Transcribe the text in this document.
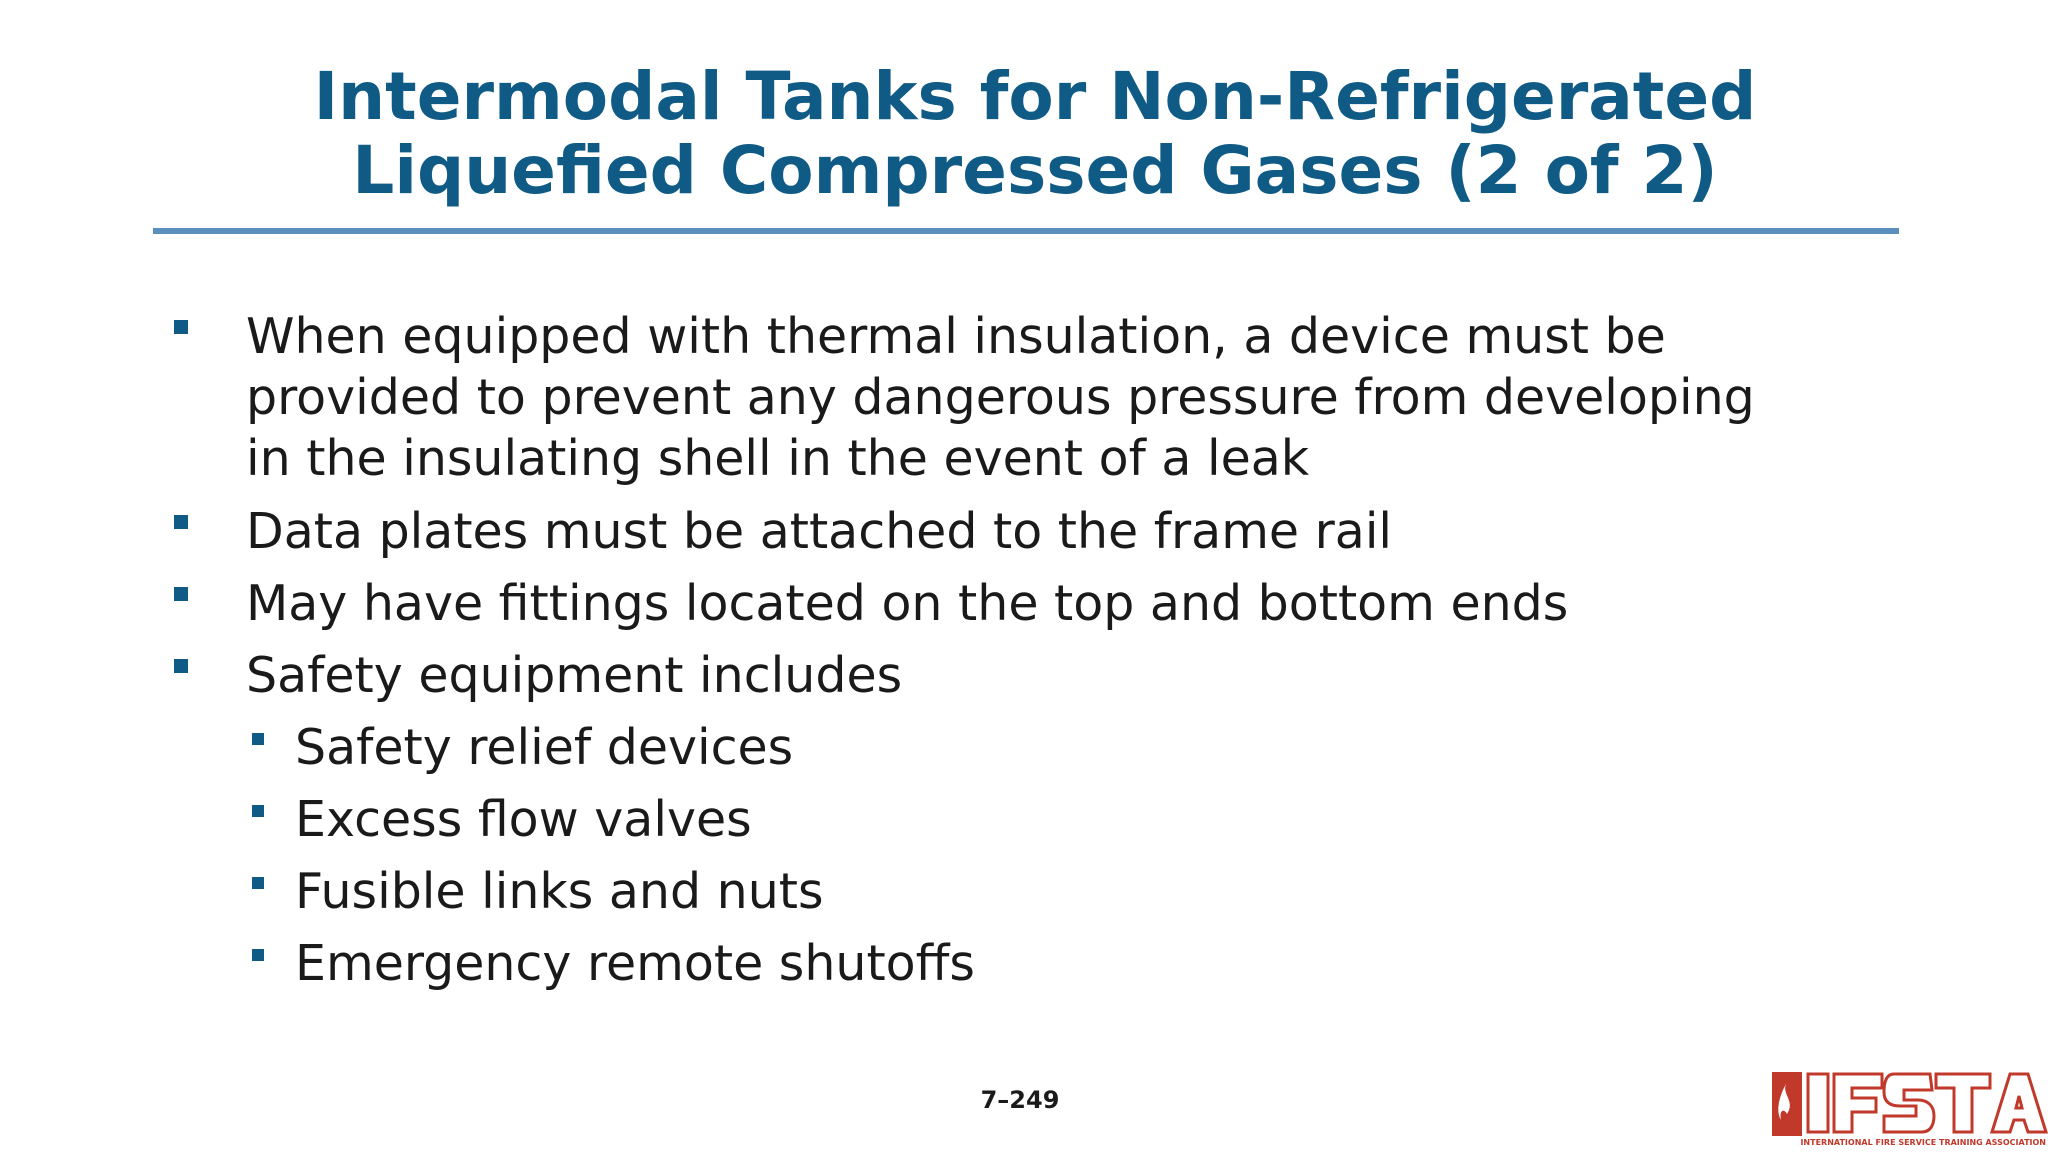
Intermodal Tanks for Non-Refrigerated
Liquefied Compressed Gases (2 of 2)
When equipped with thermal insulation, a device must be
provided to prevent any dangerous pressure from developing
in the insulating shell in the event of a leak
Data plates must be attached to the frame rail
May have fittings located on the top and bottom ends
Safety equipment includes
Safety relief devices
Excess flow valves
Fusible links and nuts
Emergency remote shutoffs
7–249
INTERNATIONAL FIRE SERVICE TRAINING ASSOCIATION
